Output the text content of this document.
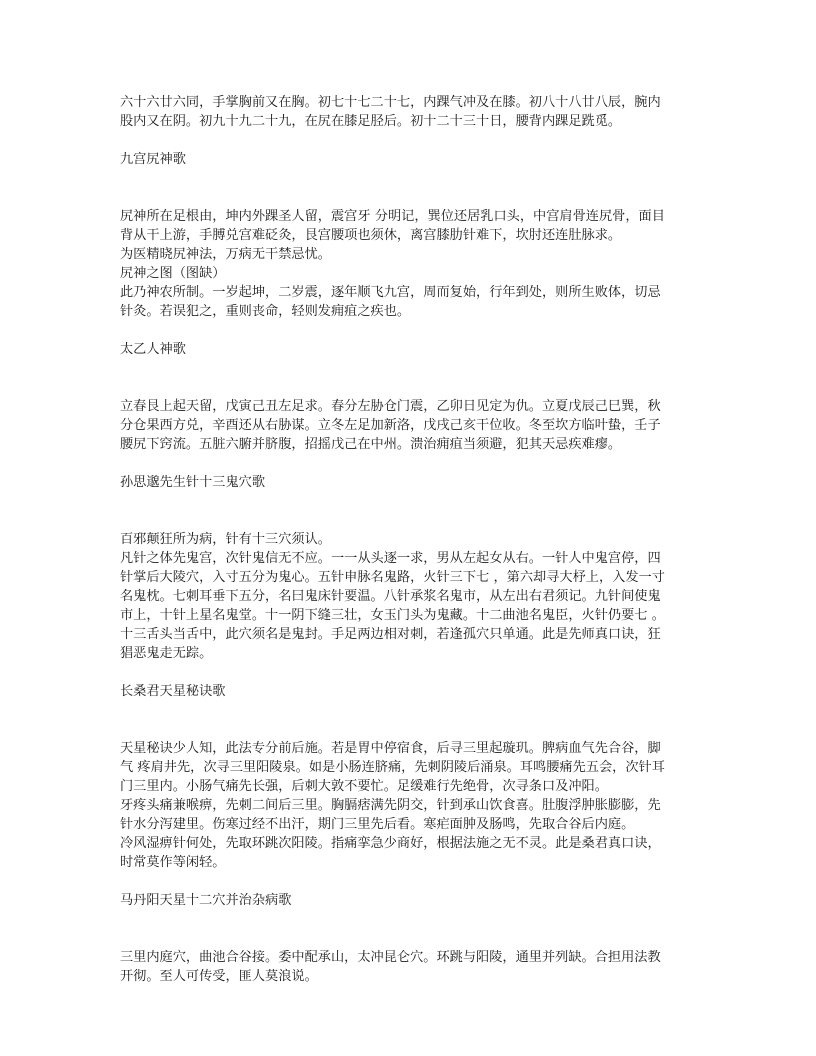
六十六廿六同，手掌胸前又在胸。初七十七二十七，内踝气冲及在膝。初八十八廿八辰，腕内
股内又在阴。初九十九二十九，在尻在膝足胫后。初十二十三十日，腰背内踝足跣觅。
九宫尻神歌
尻神所在足根由，坤内外踝圣人留，震宫牙 分明记，巽位还居乳口头，中宫肩骨连尻骨，面目
背从干上游，手膊兑宫难砭灸，艮宫腰项也须休，离宫膝肋针难下，坎肘还连肚脉求。
为医精晓尻神法，万病无干禁忌忧。
尻神之图（图缺）
此乃神农所制。一岁起坤，二岁震，逐年顺飞九宫，周而复始，行年到处，则所生败体，切忌
针灸。若误犯之，重则丧命，轻则发痈疽之疾也。
太乙人神歌
立春艮上起天留，戊寅己丑左足求。春分左胁仓门震，乙卯日见定为仇。立夏戊辰己巳巽，秋
分仓果西方兑，辛酉还从右胁谋。立冬左足加新洛，戊戌己亥干位收。冬至坎方临叶蛰，壬子
腰尻下窍流。五脏六腑并脐腹，招摇戊己在中州。溃治痈疽当须避，犯其天忌疾难瘳。
孙思邈先生针十三鬼穴歌
百邪颠狂所为病，针有十三穴须认。
凡针之体先鬼宫，次针鬼信无不应。一一从头逐一求，男从左起女从右。一针人中鬼宫停，四
针掌后大陵穴，入寸五分为鬼心。五针申脉名鬼路，火针三下七 ，第六却寻大杼上，入发一寸
名鬼枕。七刺耳垂下五分，名曰鬼床针要温。八针承浆名鬼市，从左出右君须记。九针间使鬼
市上，十针上星名鬼堂。十一阴下缝三壮，女玉门头为鬼藏。十二曲池名鬼臣，火针仍要七 。
十三舌头当舌中，此穴须名是鬼封。手足两边相对刺，若逢孤穴只单通。此是先师真口诀，狂
猖恶鬼走无踪。
长桑君天星秘诀歌
天星秘诀少人知，此法专分前后施。若是胃中停宿食，后寻三里起璇玑。脾病血气先合谷，脚
气 疼肩井先，次寻三里阳陵泉。如是小肠连脐痛，先刺阴陵后涌泉。耳鸣腰痛先五会，次针耳
门三里内。小肠气痛先长强，后刺大敦不要忙。足缓难行先绝骨，次寻条口及冲阳。
牙疼头痛兼喉痹，先刺二间后三里。胸膈痞满先阴交，针到承山饮食喜。肚腹浮肿胀膨膨，先
针水分泻建里。伤寒过经不出汗，期门三里先后看。寒疟面肿及肠鸣，先取合谷后内庭。
冷风湿痹针何处，先取环跳次阳陵。指痛挛急少商好，根据法施之无不灵。此是桑君真口诀，
时常莫作等闲轻。
马丹阳天星十二穴并治杂病歌
三里内庭穴，曲池合谷接。委中配承山，太冲昆仑穴。环跳与阳陵，通里并列缺。合担用法教
开彻。至人可传受，匪人莫浪说。
